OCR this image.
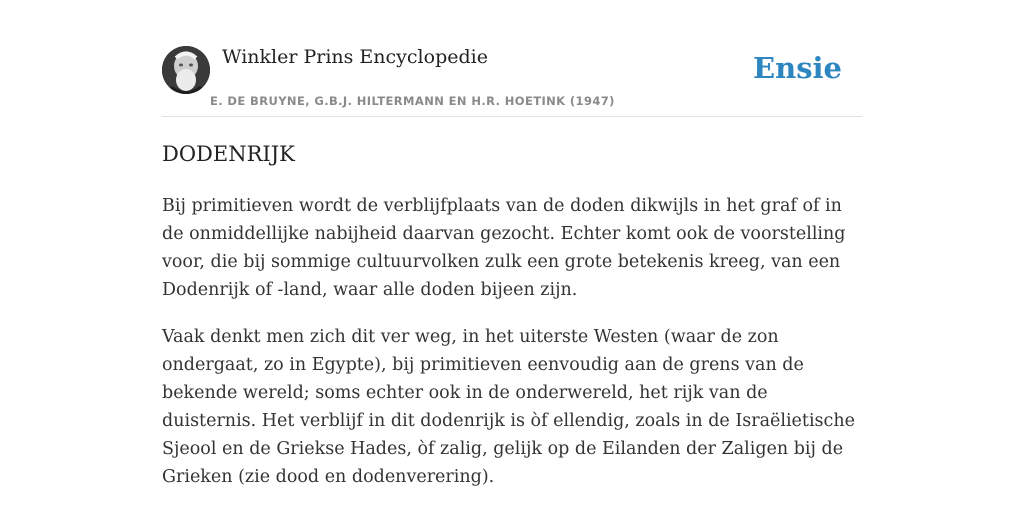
Winkler Prins Encyclopedie
E. DE BRUYNE, G.B.J. HILTERMANN EN H.R. HOETINK (1947)
Ensie
DODENRIJK

Bij primitieven wordt de verblijfplaats van de doden dikwijls in het graf of in de onmiddellijke nabijheid daarvan gezocht. Echter komt ook de voorstelling voor, die bij sommige cultuurvolken zulk een grote betekenis kreeg, van een Dodenrijk of -land, waar alle doden bijeen zijn.

Vaak denkt men zich dit ver weg, in het uiterste Westen (waar de zon ondergaat, zo in Egypte), bij primitieven eenvoudig aan de grens van de bekende wereld; soms echter ook in de onderwereld, het rijk van de duisternis. Het verblijf in dit dodenrijk is òf ellendig, zoals in de Israëlietische Sjeool en de Griekse Hades, òf zalig, gelijk op de Eilanden der Zaligen bij de Grieken (zie dood en dodenverering).
